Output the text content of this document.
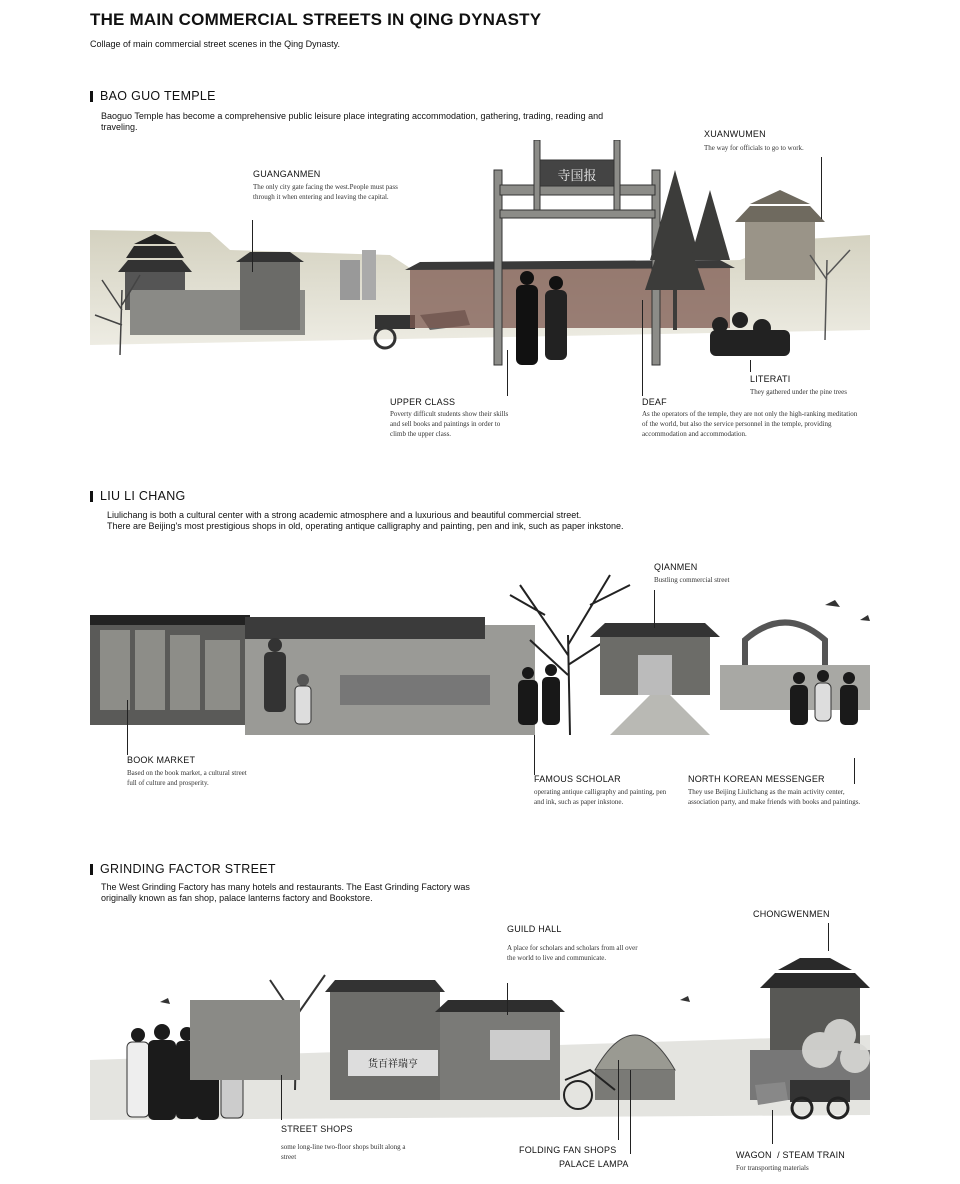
THE MAIN COMMERCIAL STREETS IN QING DYNASTY
Collage of main commercial street scenes in the Qing Dynasty.
BAO GUO TEMPLE
Baoguo Temple has become a comprehensive public leisure place integrating accommodation, gathering, trading, reading and traveling.
寺国报
GUANGANMEN
The only city gate facing the west.People must pass through it when entering and leaving the capital.
XUANWUMEN
The way for officials to go to work.
UPPER CLASS
Poverty difficult students show their skills and sell books and paintings in order to climb the upper class.
DEAF
As the operators of the temple, they are not only the high-ranking meditation of the world, but also the service personnel in the temple, providing accommodation and accommodation.
LITERATI
They gathered under the pine trees
LIU LI CHANG
Liulichang is both a cultural center with a strong academic atmosphere and a luxurious and beautiful commercial street.
There are Beijing's most prestigious shops in old, operating antique calligraphy and painting, pen and ink, such as paper inkstone.
QIANMEN
Bustling commercial street
BOOK MARKET
Based on the book market, a cultural street full of culture and prosperity.	FAMOUS SCHOLAR
operating antique calligraphy and painting, pen and ink, such as paper inkstone.
NORTH KOREAN MESSENGER
They use Beijing Liulichang as the main activity center, association party, and make friends with books and paintings.
GRINDING FACTOR STREET
The West Grinding Factory has many hotels and restaurants. The East Grinding Factory was originally known as fan shop, palace lanterns factory and Bookstore.
货百祥瑞亨
GUILD HALL
A place for scholars and scholars from all over the world to live and communicate.
CHONGWENMEN
STREET SHOPS
some long-line two-floor shops built along a street
FOLDING FAN SHOPS
PALACE LAMPA
WAGON  / STEAM TRAIN
For transporting materials
